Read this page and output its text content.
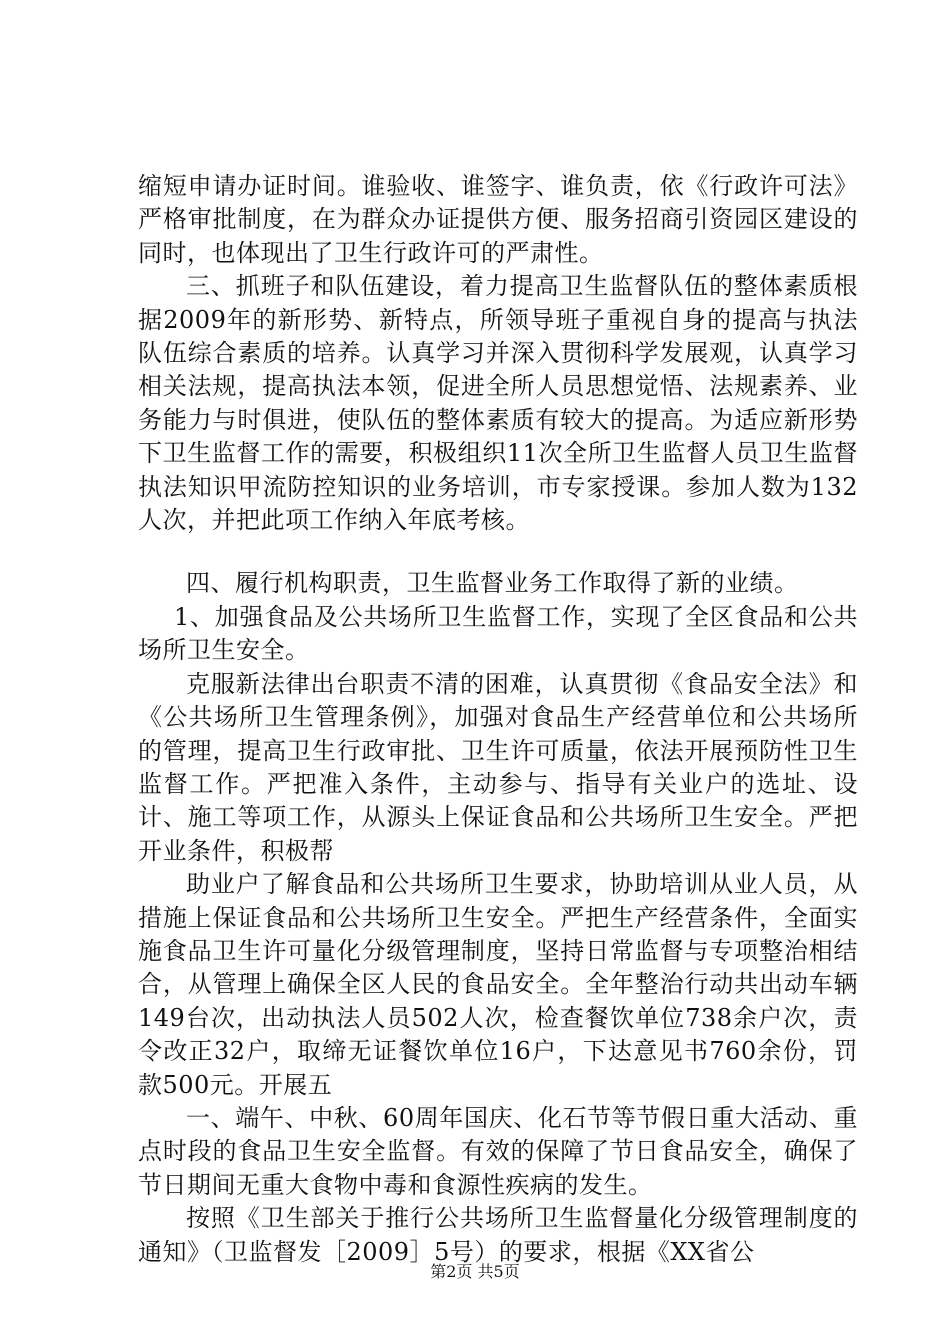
缩短申请办证时间。谁验收、谁签字、谁负责，依《行政许可法》严格审批制度，在为群众办证提供方便、服务招商引资园区建设的同时，也体现出了卫生行政许可的严肃性。

三、抓班子和队伍建设，着力提高卫生监督队伍的整体素质根据2009年的新形势、新特点，所领导班子重视自身的提高与执法队伍综合素质的培养。认真学习并深入贯彻科学发展观，认真学习相关法规，提高执法本领，促进全所人员思想觉悟、法规素养、业务能力与时俱进，使队伍的整体素质有较大的提高。为适应新形势下卫生监督工作的需要，积极组织11次全所卫生监督人员卫生监督执法知识甲流防控知识的业务培训，市专家授课。参加人数为132人次，并把此项工作纳入年底考核。

四、履行机构职责，卫生监督业务工作取得了新的业绩。

1、加强食品及公共场所卫生监督工作，实现了全区食品和公共场所卫生安全。

克服新法律出台职责不清的困难，认真贯彻《食品安全法》和《公共场所卫生管理条例》，加强对食品生产经营单位和公共场所的管理，提高卫生行政审批、卫生许可质量，依法开展预防性卫生监督工作。严把准入条件，主动参与、指导有关业户的选址、设计、施工等项工作，从源头上保证食品和公共场所卫生安全。严把开业条件，积极帮

助业户了解食品和公共场所卫生要求，协助培训从业人员，从措施上保证食品和公共场所卫生安全。严把生产经营条件，全面实施食品卫生许可量化分级管理制度，坚持日常监督与专项整治相结合，从管理上确保全区人民的食品安全。全年整治行动共出动车辆149台次，出动执法人员502人次，检查餐饮单位738余户次，责令改正32户，取缔无证餐饮单位16户，下达意见书760余份，罚款500元。开展五

一、端午、中秋、60周年国庆、化石节等节假日重大活动、重点时段的食品卫生安全监督。有效的保障了节日食品安全，确保了节日期间无重大食物中毒和食源性疾病的发生。

按照《卫生部关于推行公共场所卫生监督量化分级管理制度的通知》（卫监督发［2009］5号）的要求，根据《XX省公

第2页 共5页
